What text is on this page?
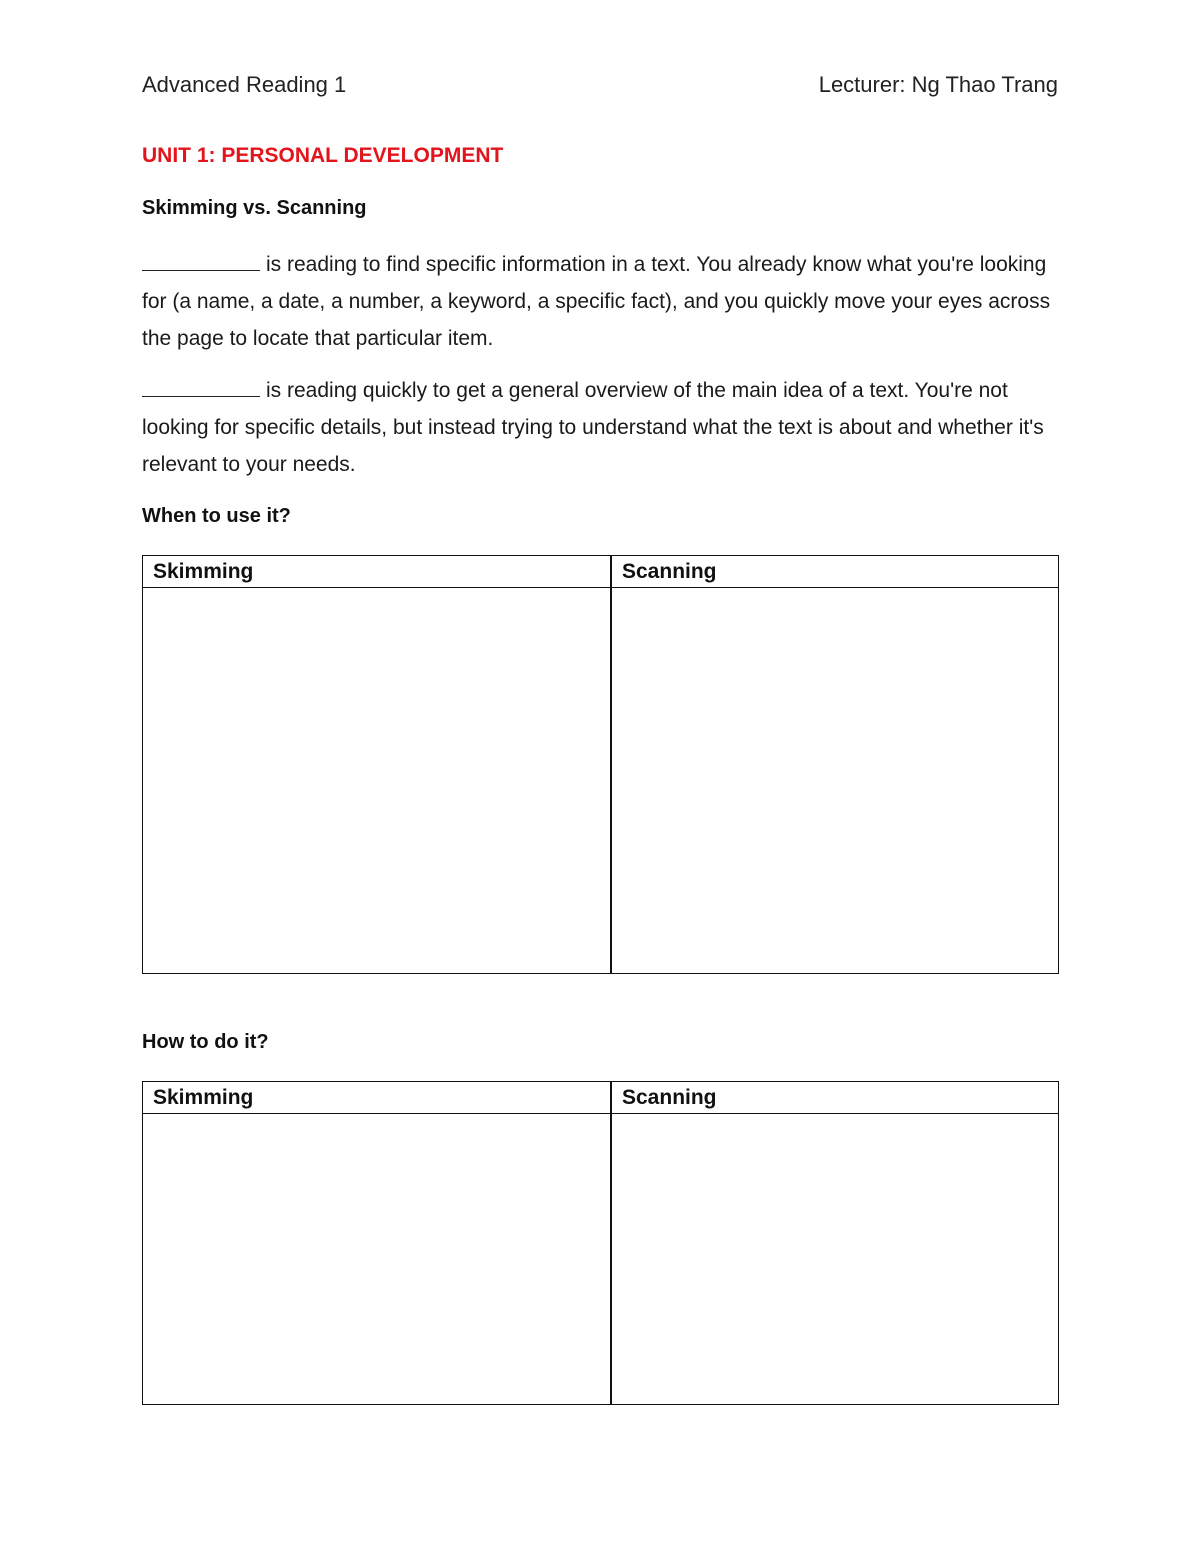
Advanced Reading 1	Lecturer: Ng Thao Trang
UNIT 1: PERSONAL DEVELOPMENT
Skimming vs. Scanning
is reading to find specific information in a text. You already know what you're looking for (a name, a date, a number, a keyword, a specific fact), and you quickly move your eyes across the page to locate that particular item.
is reading quickly to get a general overview of the main idea of a text. You're not looking for specific details, but instead trying to understand what the text is about and whether it's relevant to your needs.
When to use it?
Skimming	Scanning

How to do it?
Skimming	Scanning
